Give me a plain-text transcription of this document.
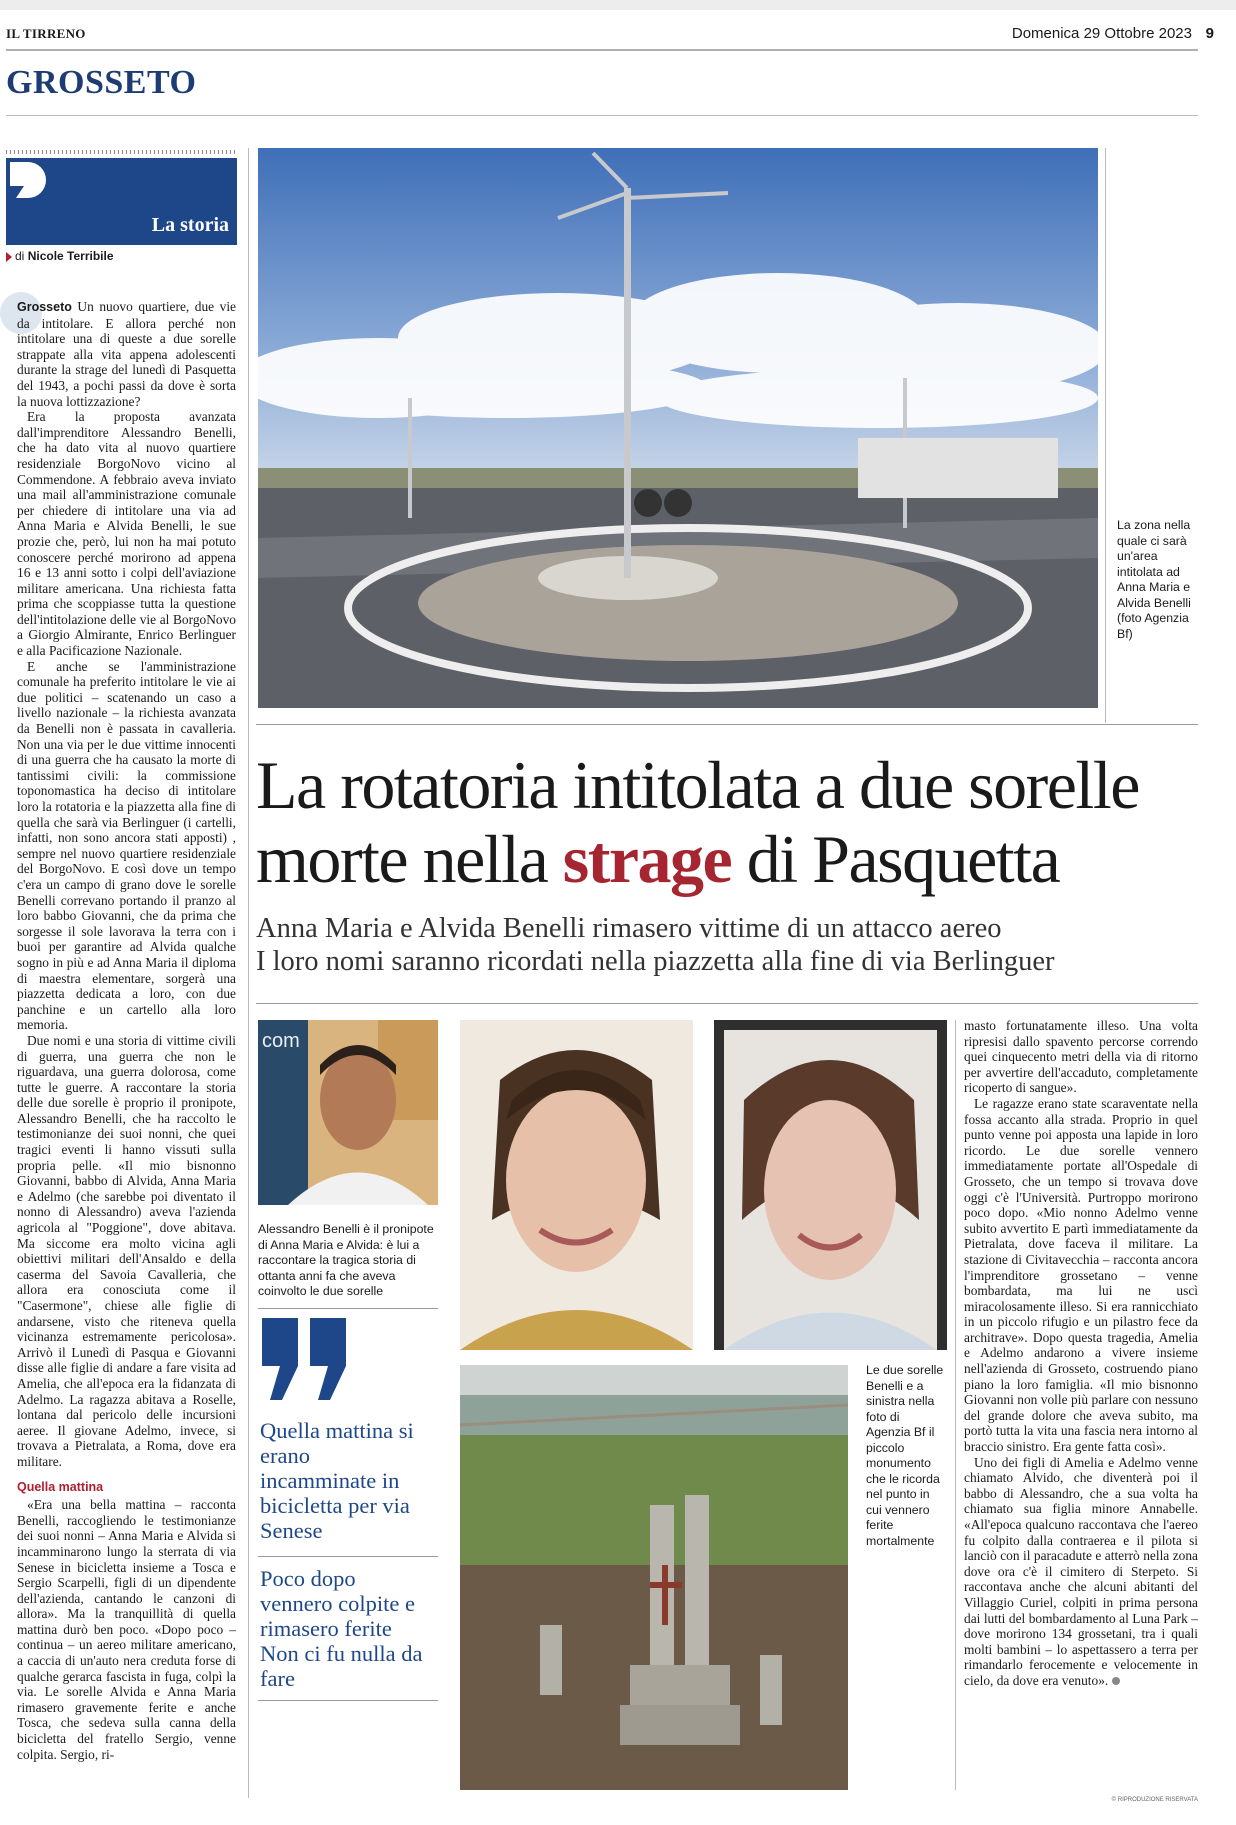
IL TIRRENO	Domenica 29 Ottobre 2023 9
GROSSETO
La storia
di Nicole Terribile

Grosseto Un nuovo quartiere, due vie da intitolare. E allora perché non intitolare una di queste a due sorelle strappate alla vita appena adolescenti durante la strage del lunedì di Pasquetta del 1943, a pochi passi da dove è sorta la nuova lottizzazione?

Era la proposta avanzata dall'imprenditore Alessandro Benelli, che ha dato vita al nuovo quartiere residenziale BorgoNovo vicino al Commendone. A febbraio aveva inviato una mail all'amministrazione comunale per chiedere di intitolare una via ad Anna Maria e Alvida Benelli, le sue prozie che, però, lui non ha mai potuto conoscere perché morirono ad appena 16 e 13 anni sotto i colpi dell'aviazione militare americana. Una richiesta fatta prima che scoppiasse tutta la questione dell'intitolazione delle vie al BorgoNovo a Giorgio Almirante, Enrico Berlinguer e alla Pacificazione Nazionale.

E anche se l'amministrazione comunale ha preferito intitolare le vie ai due politici – scatenando un caso a livello nazionale – la richiesta avanzata da Benelli non è passata in cavalleria. Non una via per le due vittime innocenti di una guerra che ha causato la morte di tantissimi civili: la commissione toponomastica ha deciso di intitolare loro la rotatoria e la piazzetta alla fine di quella che sarà via Berlinguer (i cartelli, infatti, non sono ancora stati apposti) , sempre nel nuovo quartiere residenziale del BorgoNovo. E così dove un tempo c'era un campo di grano dove le sorelle Benelli correvano portando il pranzo al loro babbo Giovanni, che da prima che sorgesse il sole lavorava la terra con i buoi per garantire ad Alvida qualche sogno in più e ad Anna Maria il diploma di maestra elementare, sorgerà una piazzetta dedicata a loro, con due panchine e un cartello alla loro memoria.

Due nomi e una storia di vittime civili di guerra, una guerra che non le riguardava, una guerra dolorosa, come tutte le guerre. A raccontare la storia delle due sorelle è proprio il pronipote, Alessandro Benelli, che ha raccolto le testimonianze dei suoi nonni, che quei tragici eventi li hanno vissuti sulla propria pelle. «Il mio bisnonno Giovanni, babbo di Alvida, Anna Maria e Adelmo (che sarebbe poi diventato il nonno di Alessandro) aveva l'azienda agricola al "Poggione", dove abitava. Ma siccome era molto vicina agli obiettivi militari dell'Ansaldo e della caserma del Savoia Cavalleria, che allora era conosciuta come il "Casermone", chiese alle figlie di andarsene, visto che riteneva quella vicinanza estremamente pericolosa». Arrivò il Lunedì di Pasqua e Giovanni disse alle figlie di andare a fare visita ad Amelia, che all'epoca era la fidanzata di Adelmo. La ragazza abitava a Roselle, lontana dal pericolo delle incursioni aeree. Il giovane Adelmo, invece, si trovava a Pietralata, a Roma, dove era militare.

Quella mattina

«Era una bella mattina – racconta Benelli, raccogliendo le testimonianze dei suoi nonni – Anna Maria e Alvida si incamminarono lungo la sterrata di via Senese in bicicletta insieme a Tosca e Sergio Scarpelli, figli di un dipendente dell'azienda, cantando le canzoni di allora». Ma la tranquillità di quella mattina durò ben poco. «Dopo poco – continua – un aereo militare americano, a caccia di un'auto nera creduta forse di qualche gerarca fascista in fuga, colpì la via. Le sorelle Alvida e Anna Maria rimasero gravemente ferite e anche Tosca, che sedeva sulla canna della bicicletta del fratello Sergio, venne colpita. Sergio, ri-

La zona nella quale ci sarà un'area intitolata ad Anna Maria e Alvida Benelli (foto Agenzia Bf)
La rotatoria intitolata a due sorelle
morte nella strage di Pasquetta
Anna Maria e Alvida Benelli rimasero vittime di un attacco aereo
I loro nomi saranno ricordati nella piazzetta alla fine di via Berlinguer
com
Alessandro Benelli è il pronipote di Anna Maria e Alvida: è lui a raccontare la tragica storia di ottanta anni fa che aveva coinvolto le due sorelle
Quella mattina si erano incamminate in bicicletta per via Senese
Poco dopo vennero colpite e rimasero ferite Non ci fu nulla da fare
Le due sorelle Benelli e a sinistra nella foto di Agenzia Bf il piccolo monumento che le ricorda nel punto in cui vennero ferite mortalmente

masto fortunatamente illeso. Una volta ripresisi dallo spavento percorse correndo quei cinquecento metri della via di ritorno per avvertire dell'accaduto, completamente ricoperto di sangue».

Le ragazze erano state scaraventate nella fossa accanto alla strada. Proprio in quel punto venne poi apposta una lapide in loro ricordo. Le due sorelle vennero immediatamente portate all'Ospedale di Grosseto, che un tempo si trovava dove oggi c'è l'Università. Purtroppo morirono poco dopo. «Mio nonno Adelmo venne subito avvertito E partì immediatamente da Pietralata, dove faceva il militare. La stazione di Civitavecchia – racconta ancora l'imprenditore grossetano – venne bombardata, ma lui ne uscì miracolosamente illeso. Si era rannicchiato in un piccolo rifugio e un pilastro fece da architrave». Dopo questa tragedia, Amelia e Adelmo andarono a vivere insieme nell'azienda di Grosseto, costruendo piano piano la loro famiglia. «Il mio bisnonno Giovanni non volle più parlare con nessuno del grande dolore che aveva subito, ma portò tutta la vita una fascia nera intorno al braccio sinistro. Era gente fatta così».

Uno dei figli di Amelia e Adelmo venne chiamato Alvido, che diventerà poi il babbo di Alessandro, che a sua volta ha chiamato sua figlia minore Annabelle. «All'epoca qualcuno raccontava che l'aereo fu colpito dalla contraerea e il pilota si lanciò con il paracadute e atterrò nella zona dove ora c'è il cimitero di Sterpeto. Si raccontava anche che alcuni abitanti del Villaggio Curiel, colpiti in prima persona dai lutti del bombardamento al Luna Park – dove morirono 134 grossetani, tra i quali molti bambini – lo aspettassero a terra per rimandarlo ferocemente e velocemente in cielo, da dove era venuto».

© RIPRODUZIONE RISERVATA
